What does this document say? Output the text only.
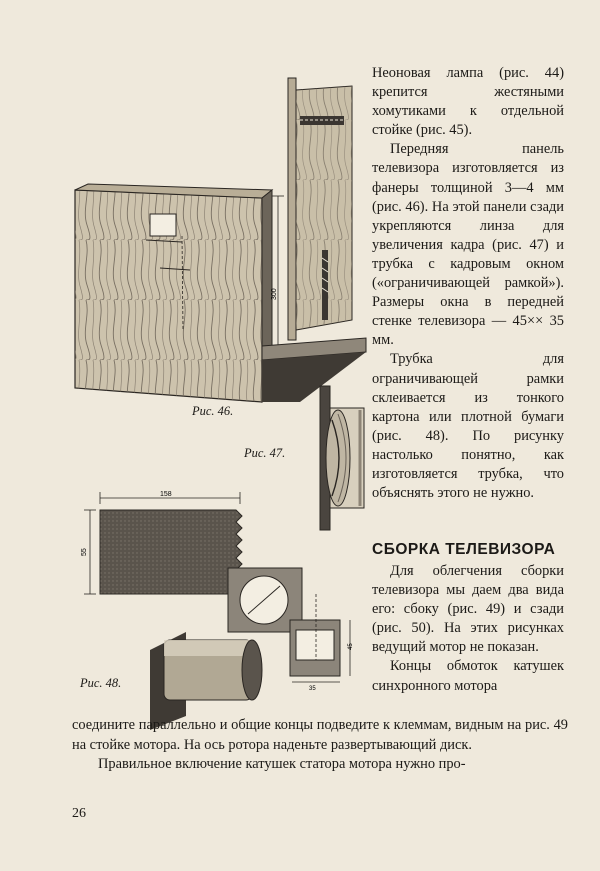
300
158
55
45
35
Рис. 46.
Рис. 47.
Рис. 48.

Неоновая лампа (рис. 44) крепится жестяными хомутиками к отдельной стойке (рис. 45).

Передняя панель телевизора изготовляется из фанеры толщиной 3—4 мм (рис. 46). На этой панели сзади укрепляются линза для увеличения кадра (рис. 47) и трубка с кадровым окном («ограничивающей рамкой»). Размеры окна в передней стенке телевизора — 45×× 35 мм.

Трубка для ограничивающей рамки склеивается из тонкого картона или плотной бумаги (рис. 48). По рисунку настолько понятно, как изготовляется трубка, что объяснять этого не нужно.

СБОРКА ТЕЛЕВИЗОРА

Для облегчения сборки телевизора мы даем два вида его: сбоку (рис. 49) и сзади (рис. 50). На этих рисунках ведущий мотор не показан.

Концы обмоток катушек синхронного мотора

соедините параллельно и общие концы подведите к клеммам, видным на рис. 49 на стойке мотора. На ось ротора наденьте развертывающий диск.

Правильное включение катушек статора мотора нужно про-

26
